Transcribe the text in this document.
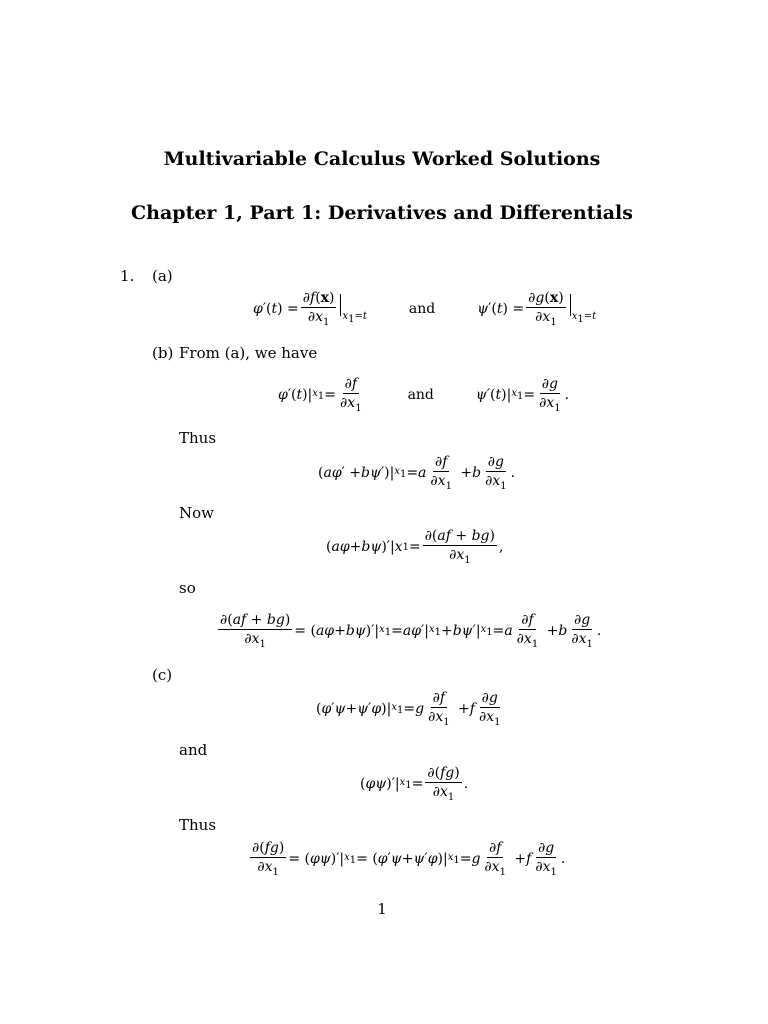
Multivariable Calculus Worked Solutions
Chapter 1, Part 1: Derivatives and Differentials
1. (a)
φ ′( t ) = $\frac{\partial f(x)}{\partial x_1} x_1=t$	and	ψ ′( t ) = $\frac{\partial g(x)}{\partial x_1} x_1=t$
(b) From (a), we have
φ ′( t )| $x_1 = \frac{\partial f}{\partial x_1}$	and	ψ ′( t )| $x_1 = \frac{\partial g}{\partial x_1}$ .
Thus
( aφ ′ + bψ ′)| $x_1 = a \frac{\partial f}{\partial x_1} + b \frac{\partial g}{\partial x_1}$ .
Now
( aφ + bψ )′| x $1 = \frac{\partial(af + bg)}{\partial x_1}$ ,
so
$\frac{\partial(af + bg)}{\partial x_1}$ = ( aφ + bψ )′| $x_1 = a\varphi$ ′| $x_1 + b\psi$ ′| $x_1 = a \frac{\partial f}{\partial x_1} + b \frac{\partial g}{\partial x_1}$ .
(c)
( φ ′ ψ + ψ ′ φ )| $x_1 = g \frac{\partial f}{\partial x_1} + f \frac{\partial g}{\partial x_1}$
and
( φψ )′| $x_1 = \frac{\partial(fg)}{\partial x_1}$ .
Thus
$\frac{\partial(fg)}{\partial x_1}$ = ( φψ )′| $x_1$ = ( φ ′ ψ + ψ ′ φ )| $x_1 = g \frac{\partial f}{\partial x_1} + f \frac{\partial g}{\partial x_1}$ .
1
